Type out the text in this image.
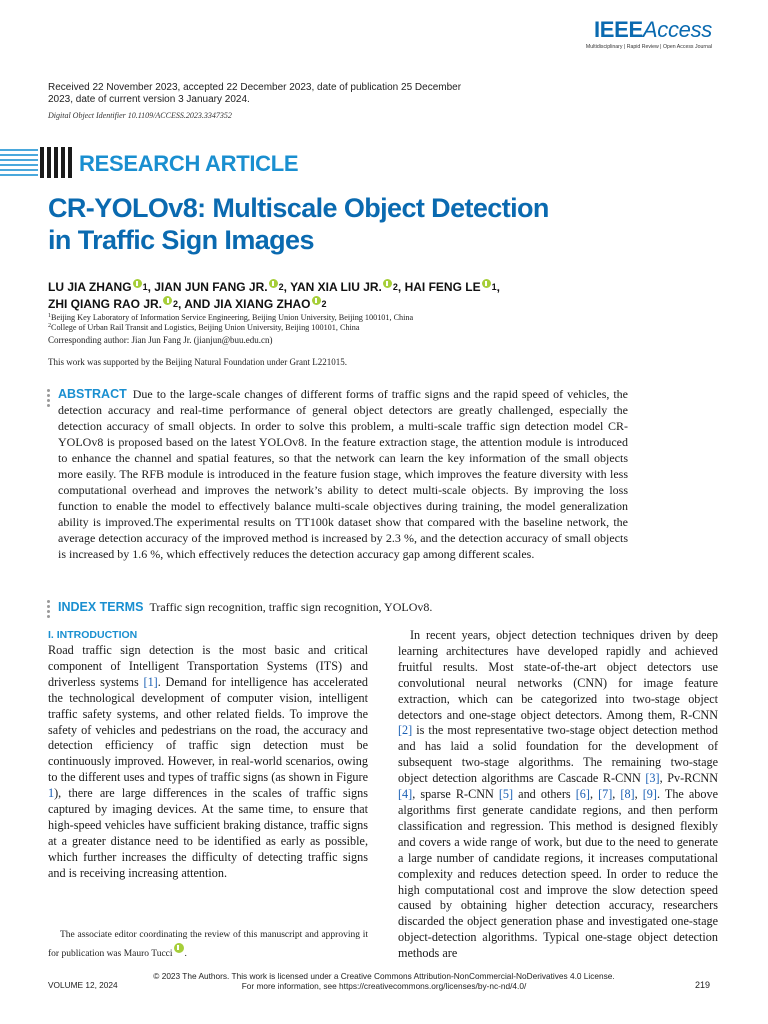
IEEEAccess
Multidisciplinary | Rapid Review | Open Access Journal
Received 22 November 2023, accepted 22 December 2023, date of publication 25 December 2023, date of current version 3 January 2024.
Digital Object Identifier 10.1109/ACCESS.2023.3347352
RESEARCH ARTICLE
CR-YOLOv8: Multiscale Object Detection
in Traffic Sign Images
LU JIA ZHANG $^1$, JIAN JUN FANG JR. $^2$, YAN XIA LIU JR. $^2$, HAI FENG LE $^1$,
ZHI QIANG RAO JR. $^2$, AND JIA XIANG ZHAO $^2$
$^1$Beijing Key Laboratory of Information Service Engineering, Beijing Union University, Beijing 100101, China
$^2$College of Urban Rail Transit and Logistics, Beijing Union University, Beijing 100101, China
Corresponding author: Jian Jun Fang Jr. (jianjun@buu.edu.cn)
This work was supported by the Beijing Natural Foundation under Grant L221015.
ABSTRACT Due to the large-scale changes of different forms of traffic signs and the rapid speed of vehicles, the detection accuracy and real-time performance of general object detectors are greatly challenged, especially the detection accuracy of small objects. In order to solve this problem, a multi-scale traffic sign detection model CR-YOLOv8 is proposed based on the latest YOLOv8. In the feature extraction stage, the attention module is introduced to enhance the channel and spatial features, so that the network can learn the key information of the small objects more easily. The RFB module is introduced in the feature fusion stage, which improves the feature diversity with less computational overhead and improves the network’s ability to detect multi-scale objects. By improving the loss function to enable the model to effectively balance multi-scale objectives during training, the model generalization ability is improved.The experimental results on TT100k dataset show that compared with the baseline network, the average detection accuracy of the improved method is increased by 2.3 %, and the detection accuracy of small objects is increased by 1.6 %, which effectively reduces the detection accuracy gap among different scales.
INDEX TERMS Traffic sign recognition, traffic sign recognition, YOLOv8.
I. INTRODUCTION

Road traffic sign detection is the most basic and critical component of Intelligent Transportation Systems (ITS) and driverless systems [1]. Demand for intelligence has accelerated the technological development of computer vision, intelligent traffic safety systems, and other related fields. To improve the safety of vehicles and pedestrians on the road, the accuracy and detection efficiency of traffic sign detection must be continuously improved. However, in real-world scenarios, owing to the different uses and types of traffic signs (as shown in Figure 1), there are large differences in the scales of traffic signs captured by imaging devices. At the same time, to ensure that high-speed vehicles have sufficient braking distance, traffic signs at a greater distance need to be identified as early as possible, which further increases the difficulty of detecting traffic signs and is receiving increasing attention.

In recent years, object detection techniques driven by deep learning architectures have developed rapidly and achieved fruitful results. Most state-of-the-art object detectors use convolutional neural networks (CNN) for image feature extraction, which can be categorized into two-stage object detectors and one-stage object detectors. Among them, R-CNN [2] is the most representative two-stage object detection method and has laid a solid foundation for the development of subsequent two-stage algorithms. The remaining two-stage object detection algorithms are Cascade R-CNN [3], Pv-RCNN [4], sparse R-CNN [5] and others [6], [7], [8], [9]. The above algorithms first generate candidate regions, and then perform classification and regression. This method is designed flexibly and covers a wide range of work, but due to the need to generate a large number of candidate regions, it increases computational complexity and reduces detection speed. In order to reduce the high computational cost and improve the slow detection speed caused by obtaining higher detection accuracy, researchers discarded the object generation phase and investigated one-stage object-detection algorithms. Typical one-stage object detection methods are

The associate editor coordinating the review of this manuscript and approving it for publication was Mauro Tucci .
VOLUME 12, 2024
© 2023 The Authors. This work is licensed under a Creative Commons Attribution-NonCommercial-NoDerivatives 4.0 License.
For more information, see https://creativecommons.org/licenses/by-nc-nd/4.0/	219
